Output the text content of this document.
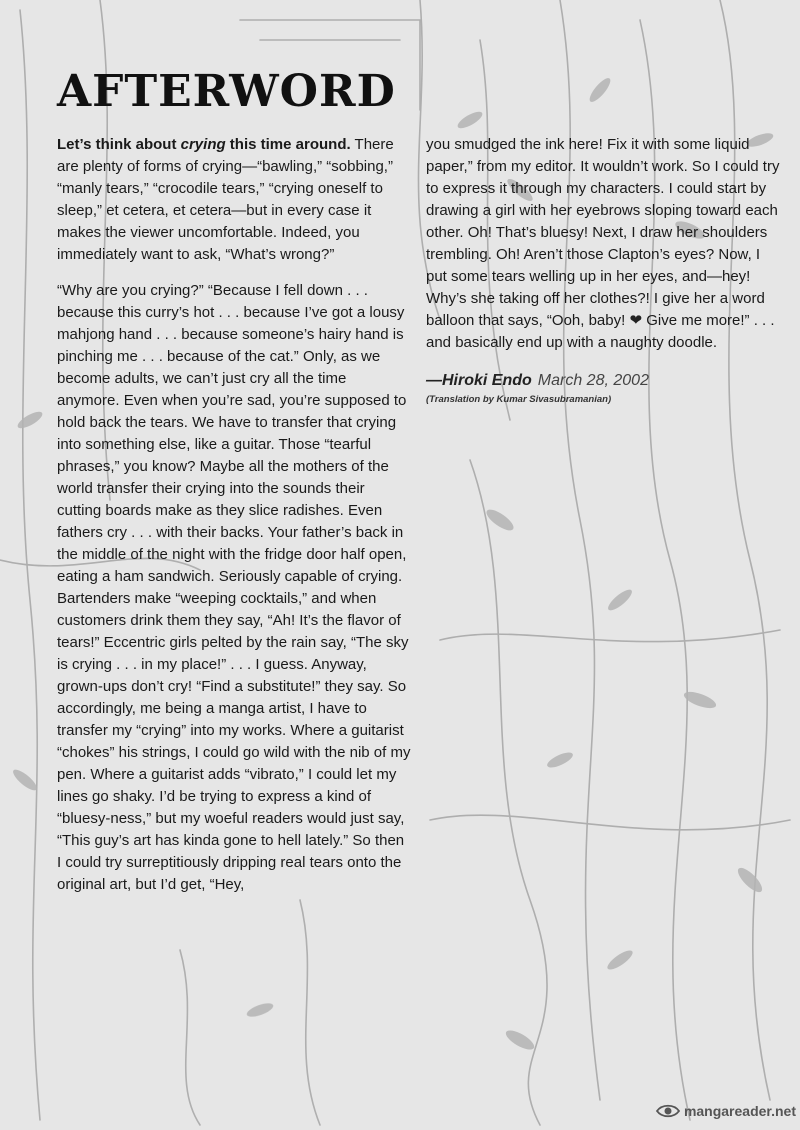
AFTERWORD

Let’s think about crying this time around. There are plenty of forms of crying—“bawling,” “sobbing,” “manly tears,” “crocodile tears,” “crying oneself to sleep,” et cetera, et cetera—but in every case it makes the viewer uncomfortable. Indeed, you immediately want to ask, “What’s wrong?”

“Why are you crying?” “Because I fell down . . . because this curry’s hot . . . because I’ve got a lousy mahjong hand . . . because someone’s hairy hand is pinching me . . . because of the cat.” Only, as we become adults, we can’t just cry all the time anymore. Even when you’re sad, you’re supposed to hold back the tears. We have to transfer that crying into something else, like a guitar. Those “tearful phrases,” you know? Maybe all the mothers of the world transfer their crying into the sounds their cutting boards make as they slice radishes. Even fathers cry . . . with their backs. Your father’s back in the middle of the night with the fridge door half open, eating a ham sandwich. Seriously capable of crying. Bartenders make “weeping cocktails,” and when customers drink them they say, “Ah! It’s the flavor of tears!” Eccentric girls pelted by the rain say, “The sky is crying . . . in my place!” . . . I guess. Anyway, grown-ups don’t cry! “Find a substitute!” they say. So accordingly, me being a manga artist, I have to transfer my “crying” into my works. Where a guitarist “chokes” his strings, I could go wild with the nib of my pen. Where a guitarist adds “vibrato,” I could let my lines go shaky. I’d be trying to express a kind of “bluesy-ness,” but my woeful readers would just say, “This guy’s art has kinda gone to hell lately.” So then I could try surreptitiously dripping real tears onto the original art, but I’d get, “Hey,

you smudged the ink here! Fix it with some liquid paper,” from my editor. It wouldn’t work. So I could try to express it through my characters. I could start by drawing a girl with her eyebrows sloping toward each other. Oh! That’s bluesy! Next, I draw her shoulders trembling. Oh! Aren’t those Clapton’s eyes? Now, I put some tears welling up in her eyes, and—hey! Why’s she taking off her clothes?! I give her a word balloon that says, “Ooh, baby! ❤ Give me more!” . . . and basically end up with a naughty doodle.

—Hiroki Endo March 28, 2002
(Translation by Kumar Sivasubramanian)
mangareader.net
